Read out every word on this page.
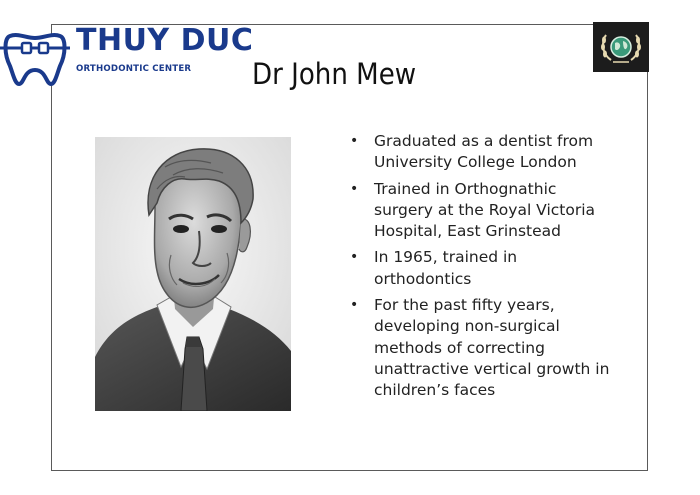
THUY DUC
ORTHODONTIC CENTER Dr John Mew
• Graduated as a dentist from University College London
• Trained in Orthognathic surgery at the Royal Victoria Hospital, East Grinstead
• In 1965, trained in orthodontics
• For the past fifty years, developing non-surgical methods of correcting unattractive vertical growth in children’s faces
